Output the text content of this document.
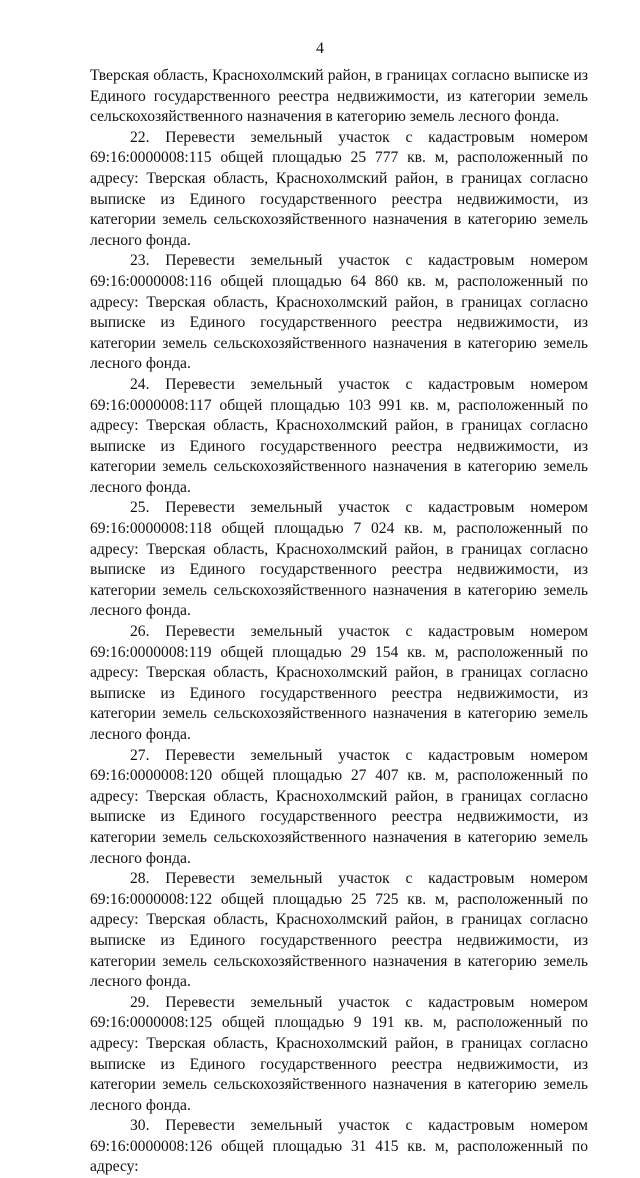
4

Тверская область, Краснохолмский район, в границах согласно выписке из Единого государственного реестра недвижимости, из категории земель сельскохозяйственного назначения в категорию земель лесного фонда.

22. Перевести земельный участок с кадастровым номером 69:16:0000008:115 общей площадью 25 777 кв. м, расположенный по адресу: Тверская область, Краснохолмский район, в границах согласно выписке из Единого государственного реестра недвижимости, из категории земель сельскохозяйственного назначения в категорию земель лесного фонда.

23. Перевести земельный участок с кадастровым номером 69:16:0000008:116 общей площадью 64 860 кв. м, расположенный по адресу: Тверская область, Краснохолмский район, в границах согласно выписке из Единого государственного реестра недвижимости, из категории земель сельскохозяйственного назначения в категорию земель лесного фонда.

24. Перевести земельный участок с кадастровым номером 69:16:0000008:117 общей площадью 103 991 кв. м, расположенный по адресу: Тверская область, Краснохолмский район, в границах согласно выписке из Единого государственного реестра недвижимости, из категории земель сельскохозяйственного назначения в категорию земель лесного фонда.

25. Перевести земельный участок с кадастровым номером 69:16:0000008:118 общей площадью 7 024 кв. м, расположенный по адресу: Тверская область, Краснохолмский район, в границах согласно выписке из Единого государственного реестра недвижимости, из категории земель сельскохозяйственного назначения в категорию земель лесного фонда.

26. Перевести земельный участок с кадастровым номером 69:16:0000008:119 общей площадью 29 154 кв. м, расположенный по адресу: Тверская область, Краснохолмский район, в границах согласно выписке из Единого государственного реестра недвижимости, из категории земель сельскохозяйственного назначения в категорию земель лесного фонда.

27. Перевести земельный участок с кадастровым номером 69:16:0000008:120 общей площадью 27 407 кв. м, расположенный по адресу: Тверская область, Краснохолмский район, в границах согласно выписке из Единого государственного реестра недвижимости, из категории земель сельскохозяйственного назначения в категорию земель лесного фонда.

28. Перевести земельный участок с кадастровым номером 69:16:0000008:122 общей площадью 25 725 кв. м, расположенный по адресу: Тверская область, Краснохолмский район, в границах согласно выписке из Единого государственного реестра недвижимости, из категории земель сельскохозяйственного назначения в категорию земель лесного фонда.

29. Перевести земельный участок с кадастровым номером 69:16:0000008:125 общей площадью 9 191 кв. м, расположенный по адресу: Тверская область, Краснохолмский район, в границах согласно выписке из Единого государственного реестра недвижимости, из категории земель сельскохозяйственного назначения в категорию земель лесного фонда.

30. Перевести земельный участок с кадастровым номером 69:16:0000008:126 общей площадью 31 415 кв. м, расположенный по адресу:
